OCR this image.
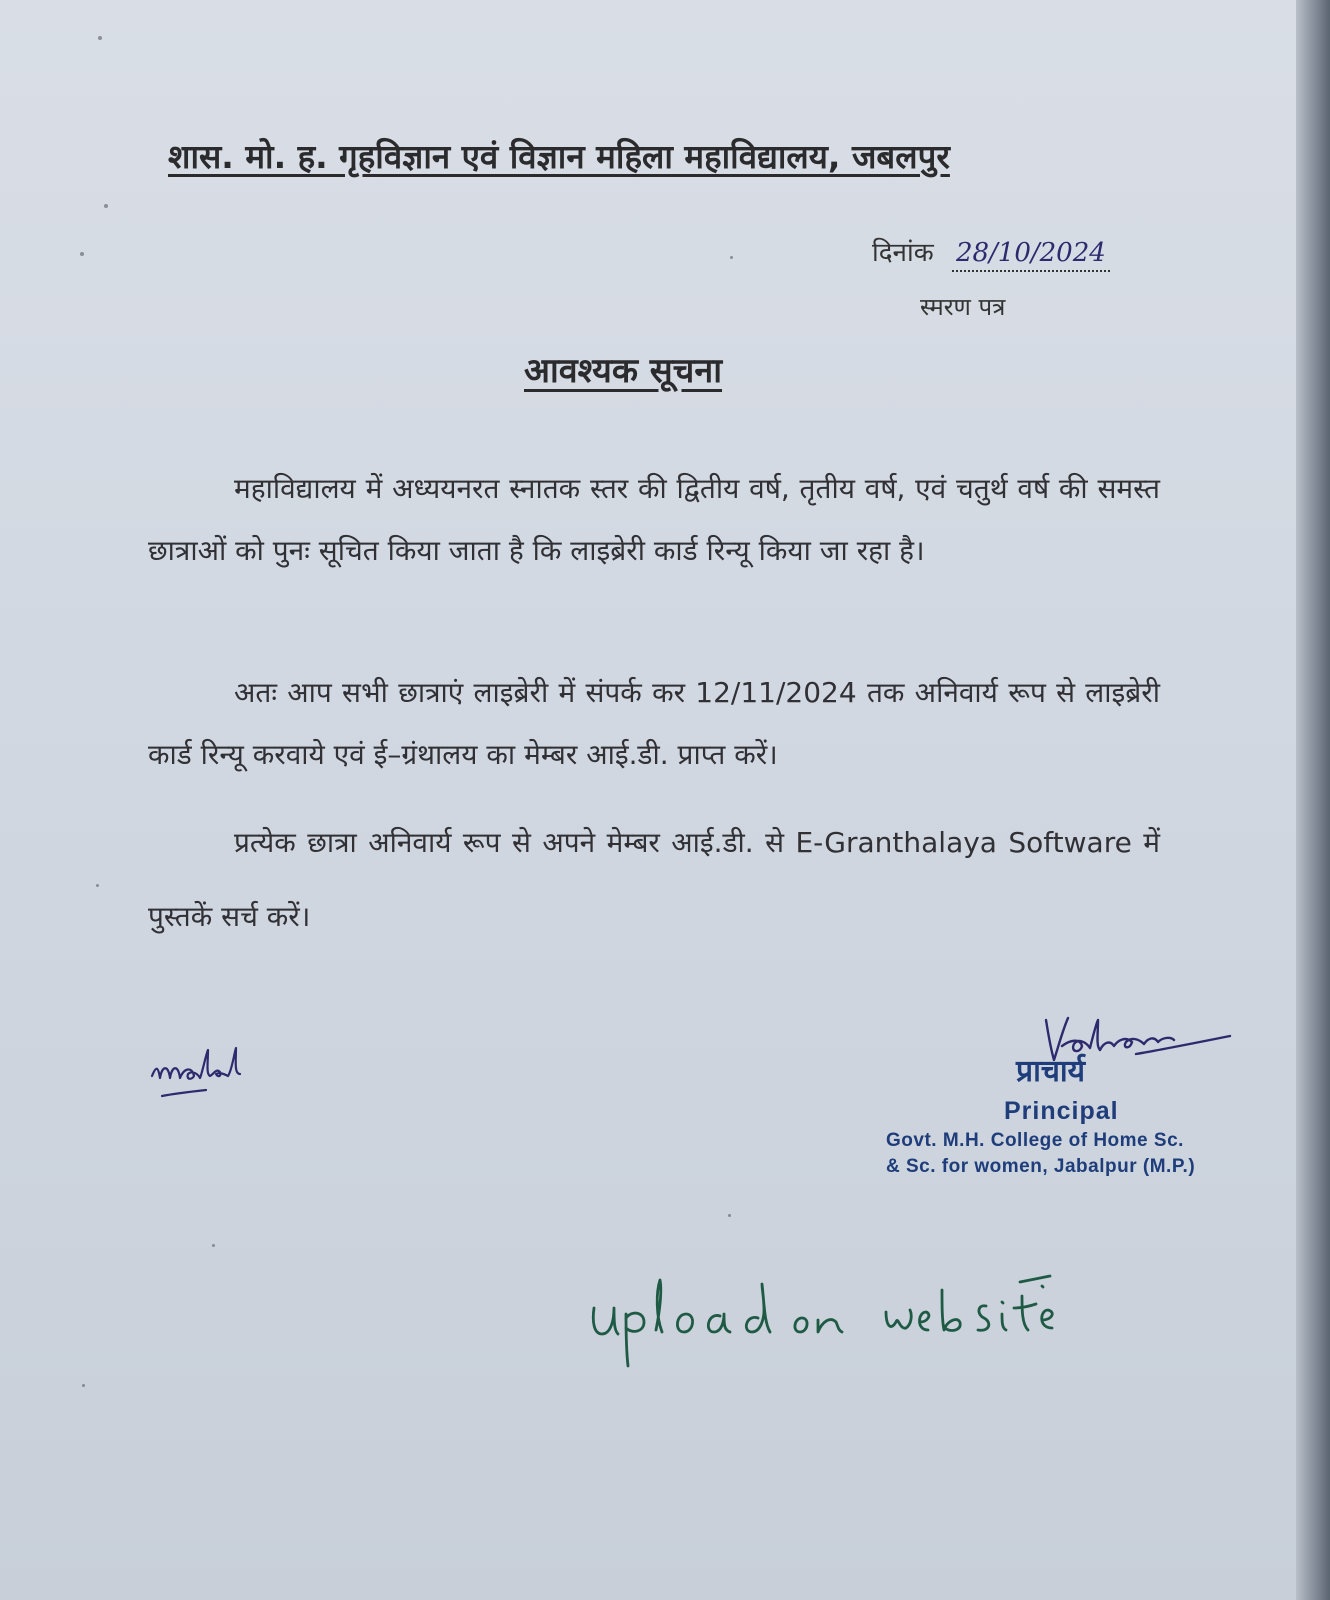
शास. मो. ह. गृहविज्ञान एवं विज्ञान महिला महाविद्यालय, जबलपुर
दिनांक 28/10/2024
स्मरण पत्र
आवश्यक सूचना
महाविद्यालय में अध्ययनरत स्नातक स्तर की द्वितीय वर्ष, तृतीय वर्ष, एवं चतुर्थ वर्ष की समस्त छात्राओं को पुनः सूचित किया जाता है कि लाइब्रेरी कार्ड रिन्यू किया जा रहा है।
अतः आप सभी छात्राएं लाइब्रेरी में संपर्क कर 12/11/2024 तक अनिवार्य रूप से लाइब्रेरी कार्ड रिन्यू करवाये एवं ई–ग्रंथालय का मेम्बर आई.डी. प्राप्त करें।
प्रत्येक छात्रा अनिवार्य रूप से अपने मेम्बर आई.डी. से E-Granthalaya Software में पुस्तकें सर्च करें।
प्राचार्य
Principal
Govt. M.H. College of Home Sc.
& Sc. for women, Jabalpur (M.P.)
